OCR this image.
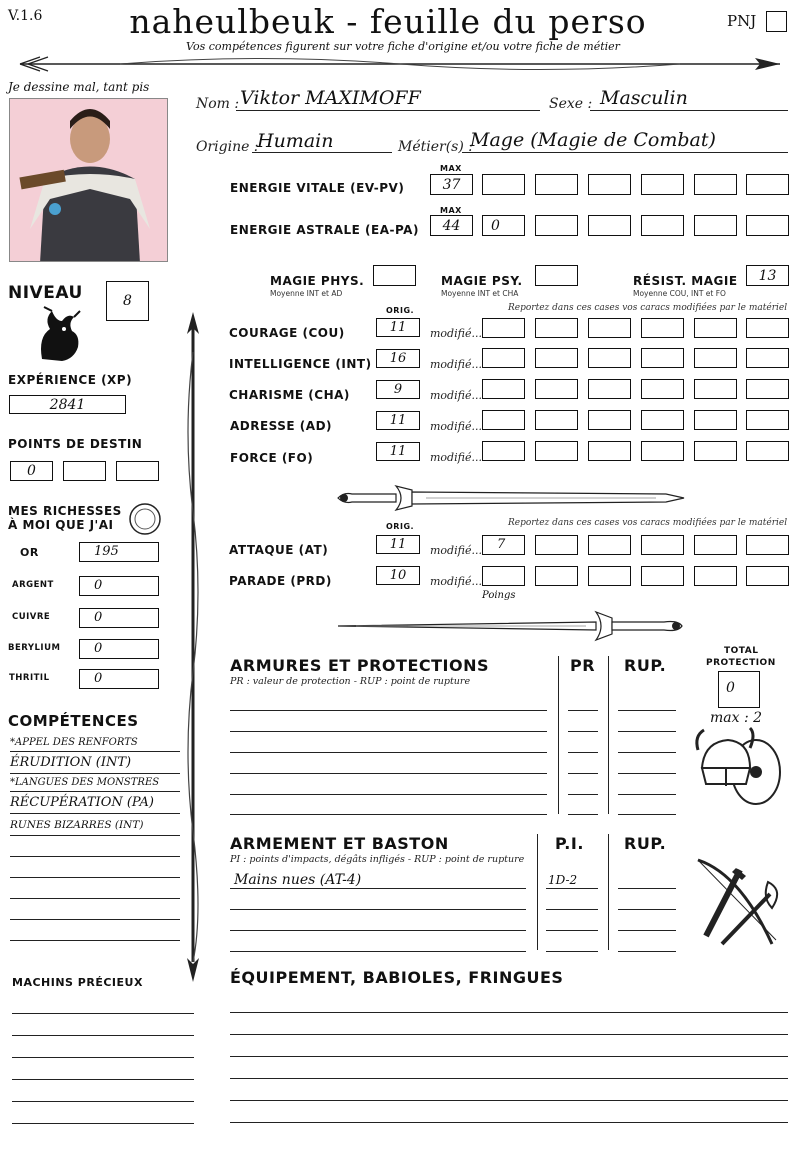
V.1.6	naheulbeuk - feuille du perso
Vos compétences figurent sur votre fiche d'origine et/ou votre fiche de métier
PNJ
Je dessine mal, tant pis
Nom : Viktor MAXIMOFF	Sexe : Masculin
Origine :
Humain	Métier(s) :
Mage (Magie de Combat)
MAX
ENERGIE VITALE (EV-PV)	37
MAX
ENERGIE ASTRALE (EA-PA)	44	0
MAGIE PHYS.
Moyenne INT et AD
MAGIE PSY.
Moyenne INT et CHA
RÉSIST. MAGIE
Moyenne COU, INT et FO
13
NIVEAU	8
EXPÉRIENCE (XP)
2841
POINTS DE DESTIN
0
MES RICHESSES
À MOI QUE J'AI
OR	195
ARGENT	0
CUIVRE	0
BERYLIUM	0
THRITIL	0
COMPÉTENCES
*APPEL DES RENFORTS
ÉRUDITION (INT)
*LANGUES DES MONSTRES
RÉCUPÉRATION (PA)
RUNES BIZARRES (INT)
MACHINS PRÉCIEUX
ORIG.	Reportez dans ces cases vos caracs modifiées par le matériel
COURAGE (COU)	11	modifié...
INTELLIGENCE (INT)	16	modifié...
CHARISME (CHA)	9	modifié...
ADRESSE (AD)	11	modifié...
FORCE (FO)	11	modifié...
ORIG.	Reportez dans ces cases vos caracs modifiées par le matériel
ATTAQUE (AT)	11	modifié...	7
PARADE (PRD)	10	modifié...
Poings
ARMURES ET PROTECTIONS
PR : valeur de protection - RUP : point de rupture
PR RUP.
TOTAL
PROTECTION
0
max : 2
ARMEMENT ET BASTON
PI : points d'impacts, dégâts infligés - RUP : point de rupture
P.I.	RUP.
Mains nues (AT-4)	1D-2
ÉQUIPEMENT, BABIOLES, FRINGUES
